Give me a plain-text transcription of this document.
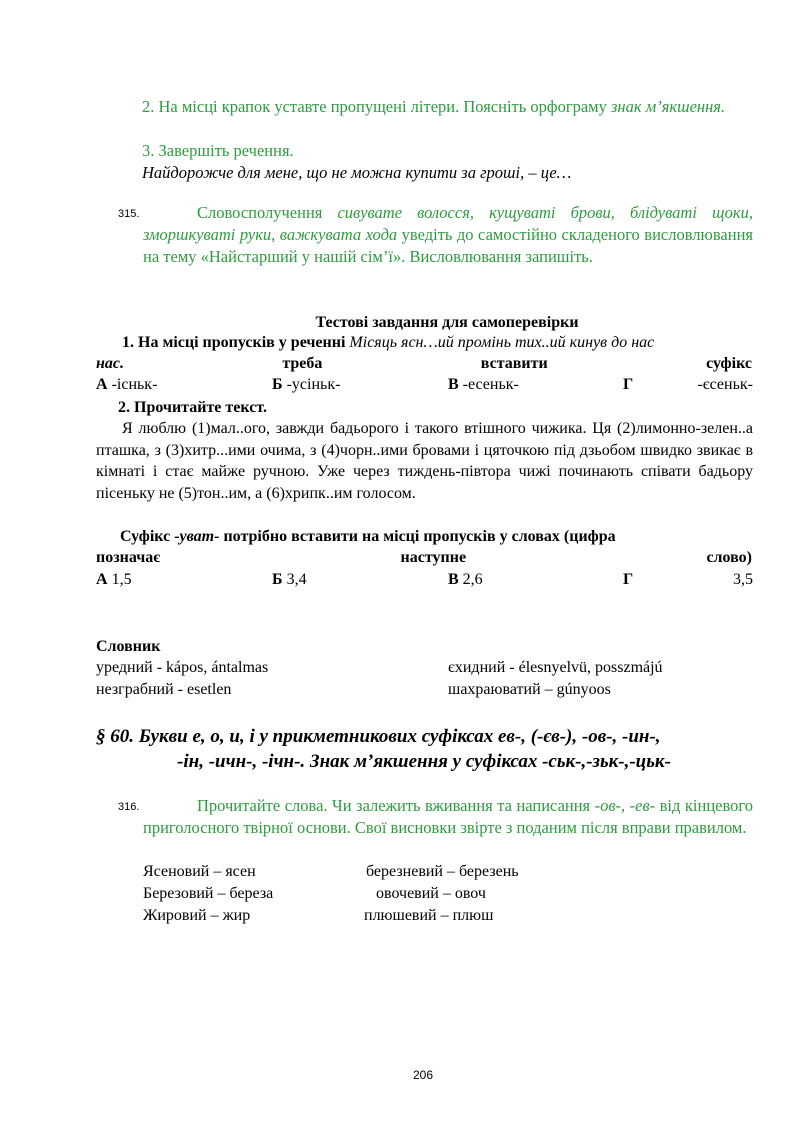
2. На місці крапок уставте пропущені літери. Поясніть орфограму знак м’якшення.
3. Завершіть речення.
Найдорожче для мене, що не можна купити за гроші, – це…
315.	Словосполучення сивувате волосся, кущуваті брови, блідуваті щоки, зморшкуваті руки, важкувата хода уведіть до самостійно складеного висловлювання на тему «Найстарший у нашій сім’ї». Висловлювання запишіть.
Тестові завдання для самоперевірки
1. На місці пропусків у реченні Місяць ясн…ий промінь тих..ий кинув до нас
нас.	треба	вставити	суфікс
А -існьк-	Б -усіньк-	В -есеньк-	Г	-єсеньк-
2. Прочитайте текст.
Я люблю (1)мал..ого, завжди бадьорого і такого втішного чижика. Ця (2)лимонно-зелен..а пташка, з (3)хитр...ими очима, з (4)чорн..ими бровами і цяточкою під дзьобом швидко звикає в кімнаті і стає майже ручною. Уже через тиждень-півтора чижі починають співати бадьору пісеньку не (5)тон..им, а (6)хрипк..им голосом.
Суфікс -уват- потрібно вставити на місці пропусків у словах (цифра
позначає	наступне	слово)
А 1,5	Б 3,4	В 2,6	Г	3,5
Словник
уредний - kápos, ántalmas	єхидний - élesnyelvü, posszmájú
незграбний - esetlen	шахраюватий – gúnyoos
§ 60. Букви е, о, и, і у прикметникових суфіксах ев-, (-єв-), -ов-, -ин-,
-ін, -ичн-, -ічн-. Знак м’якшення у суфіксах -ськ-,-зьк-,-цьк-
316.	Прочитайте слова. Чи залежить вживання та написання -ов-, -ев- від кінцевого приголосного твірної основи. Свої висновки звірте з поданим після вправи правилом.
Ясеновий – ясен	березневий – березень
Березовий – береза	овочевий – овоч
Жировий – жир	плюшевий – плюш
206
